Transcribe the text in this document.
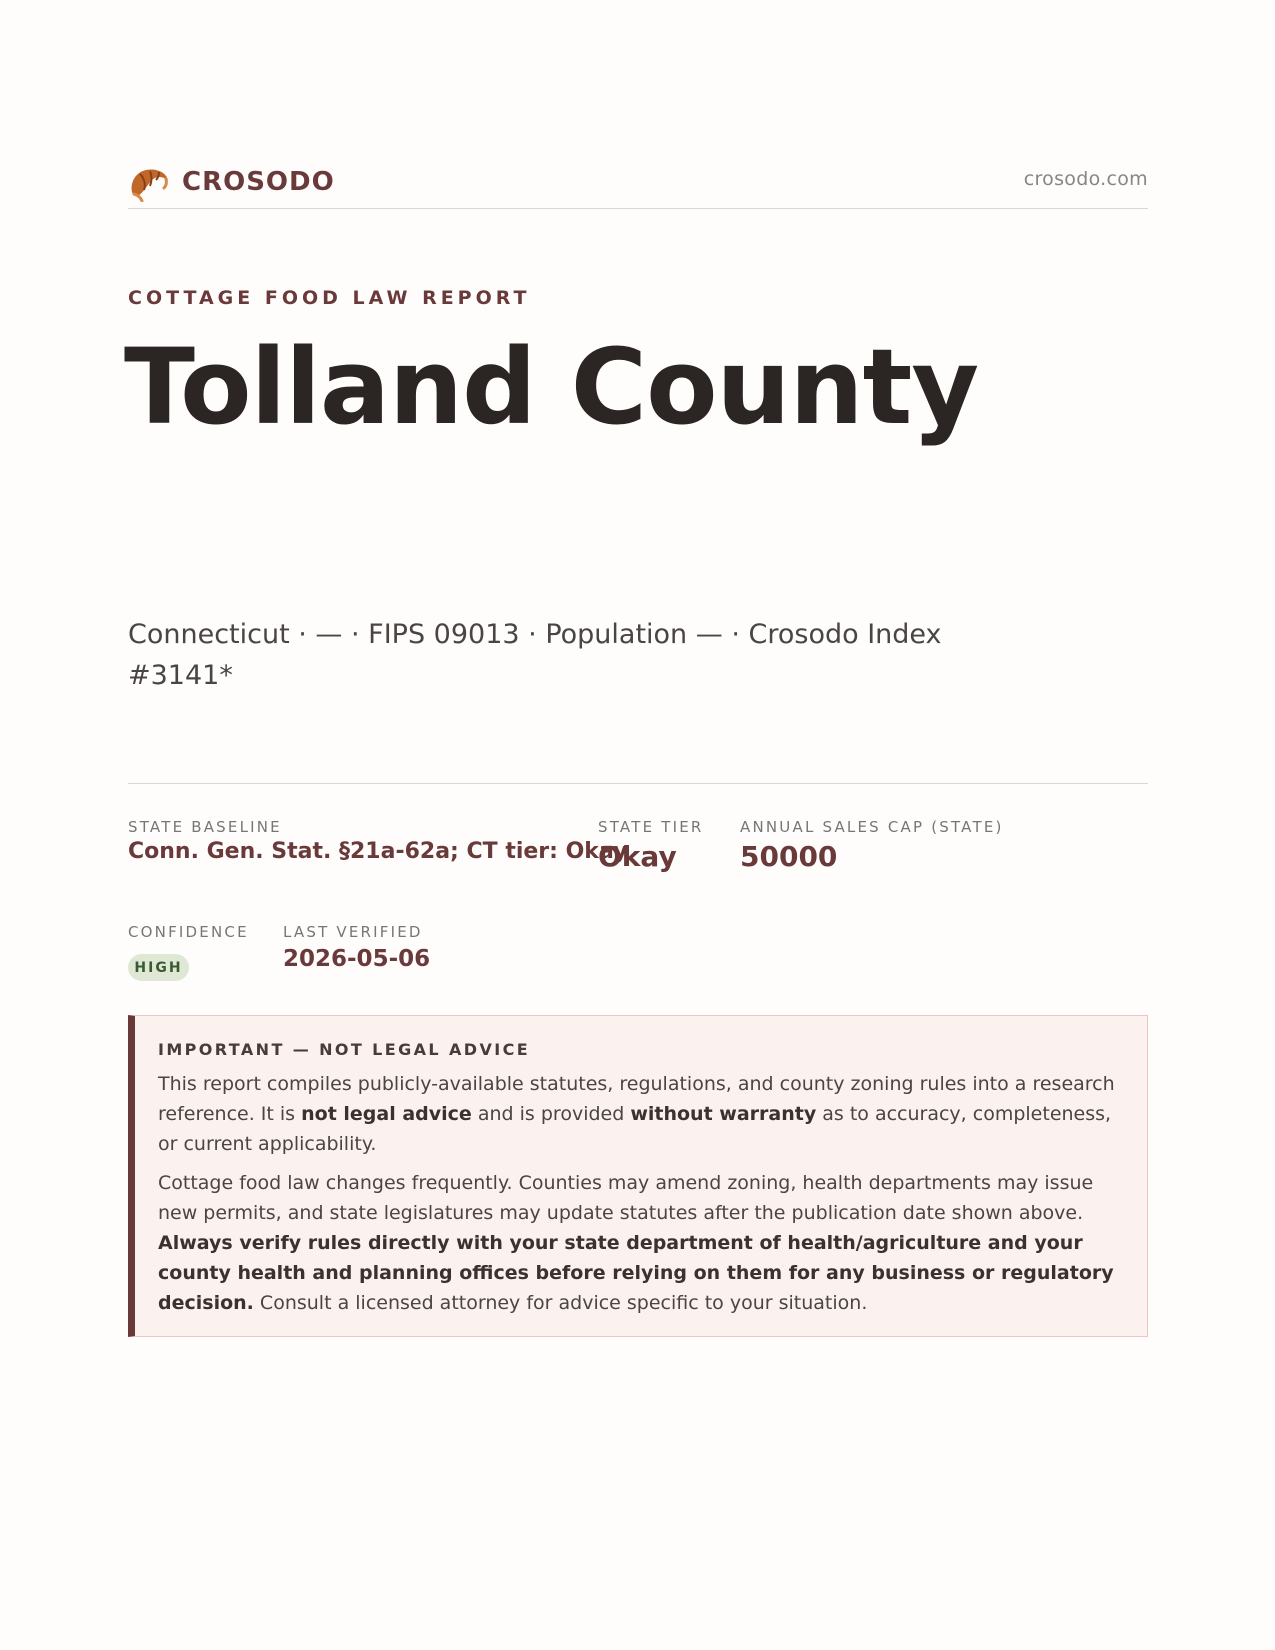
CROSODO	crosodo.com
COTTAGE FOOD LAW REPORT
Tolland County
Connecticut · — · FIPS 09013 · Population — · Crosodo Index #3141*
STATE BASELINE
Conn. Gen. Stat. §21a-62a; CT tier: Okay
STATE TIER
Okay
ANNUAL SALES CAP (STATE)
50000
CONFIDENCE
HIGH
LAST VERIFIED
2026-05-06
IMPORTANT — NOT LEGAL ADVICE

This report compiles publicly-available statutes, regulations, and county zoning rules into a research reference. It is not legal advice and is provided without warranty as to accuracy, completeness, or current applicability.

Cottage food law changes frequently. Counties may amend zoning, health departments may issue new permits, and state legislatures may update statutes after the publication date shown above. Always verify rules directly with your state department of health/agriculture and your county health and planning offices before relying on them for any business or regulatory decision. Consult a licensed attorney for advice specific to your situation.
